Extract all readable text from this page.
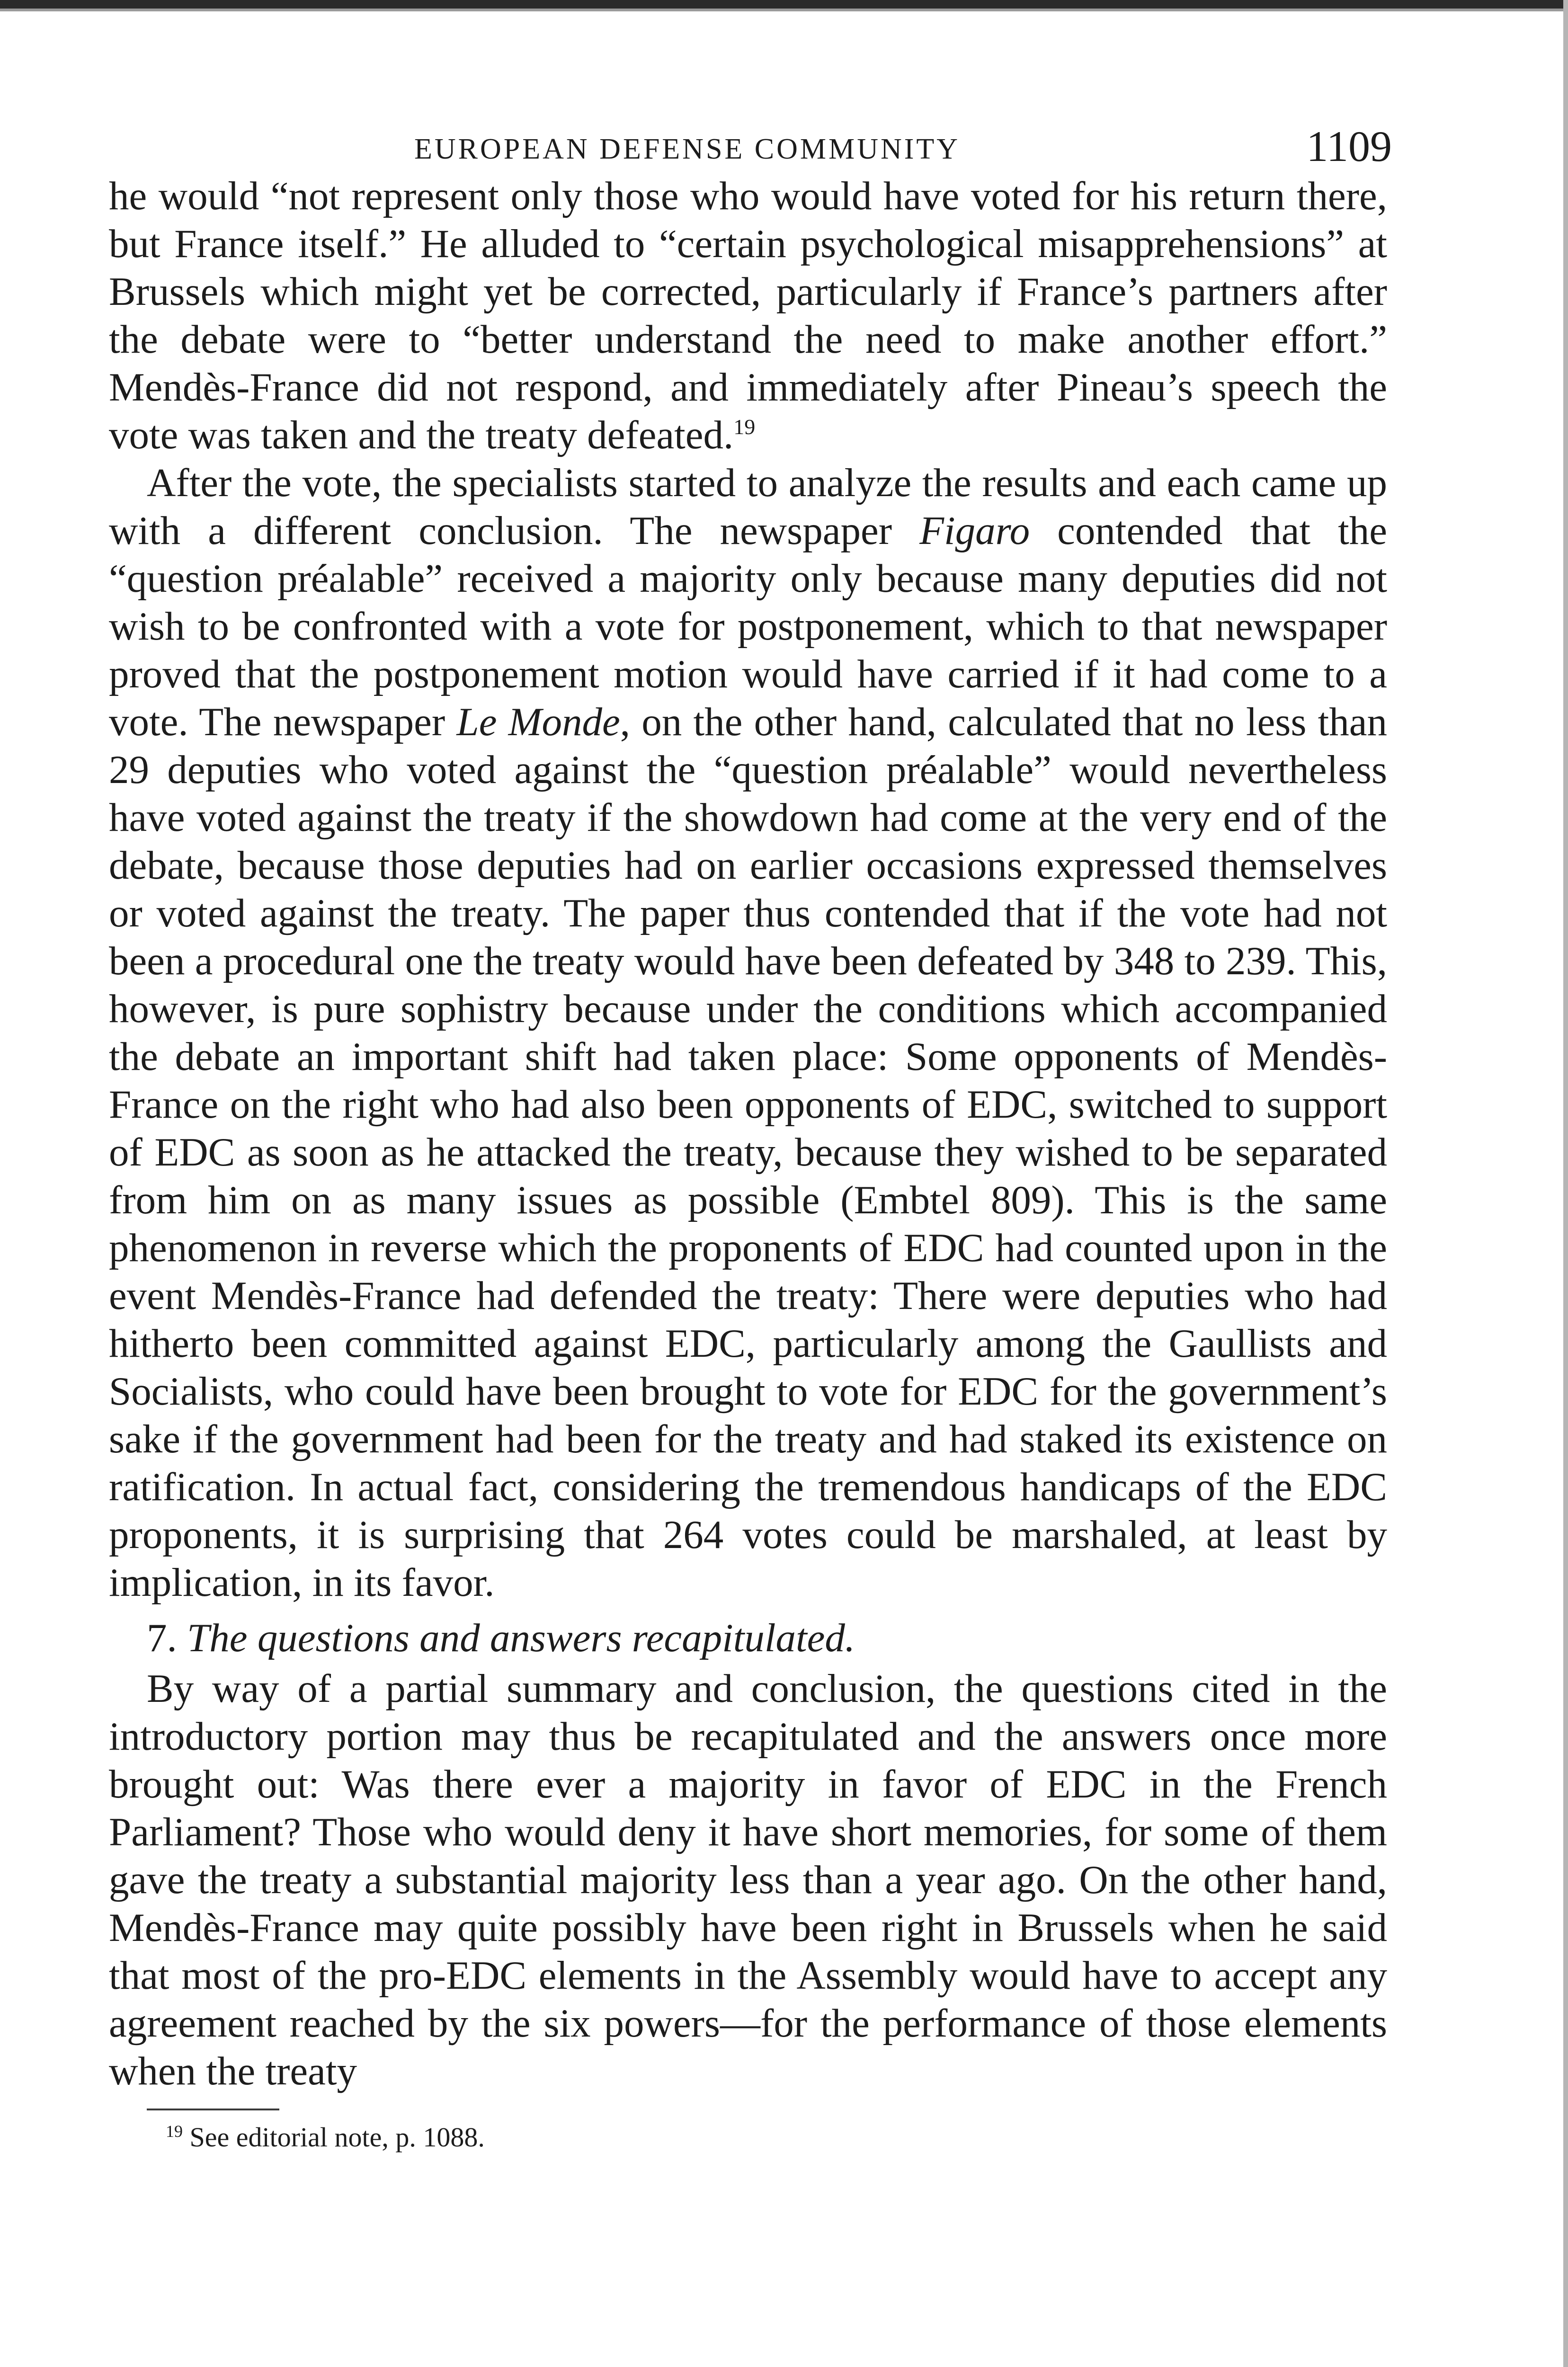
EUROPEAN DEFENSE COMMUNITY	1109

he would “not represent only those who would have voted for his return there, but France itself.” He alluded to “certain psychological misapprehensions” at Brussels which might yet be corrected, particularly if France’s partners after the debate were to “better understand the need to make another effort.” Mendès-France did not respond, and immediately after Pineau’s speech the vote was taken and the treaty defeated.$^{19}$

After the vote, the specialists started to analyze the results and each came up with a different conclusion. The newspaper Figaro contended that the “question préalable” received a majority only because many deputies did not wish to be confronted with a vote for postponement, which to that newspaper proved that the postponement motion would have carried if it had come to a vote. The newspaper Le Monde, on the other hand, calculated that no less than 29 deputies who voted against the “question préalable” would nevertheless have voted against the treaty if the showdown had come at the very end of the debate, because those deputies had on earlier occasions expressed themselves or voted against the treaty. The paper thus contended that if the vote had not been a procedural one the treaty would have been defeated by 348 to 239. This, however, is pure sophistry because under the conditions which accompanied the debate an important shift had taken place: Some opponents of Mendès-France on the right who had also been opponents of EDC, switched to support of EDC as soon as he attacked the treaty, because they wished to be separated from him on as many issues as possible (Embtel 809). This is the same phenomenon in reverse which the proponents of EDC had counted upon in the event Mendès-France had defended the treaty: There were deputies who had hitherto been committed against EDC, particularly among the Gaullists and Socialists, who could have been brought to vote for EDC for the government’s sake if the government had been for the treaty and had staked its existence on ratification. In actual fact, considering the tremendous handicaps of the EDC proponents, it is surprising that 264 votes could be marshaled, at least by implication, in its favor.

7. The questions and answers recapitulated.

By way of a partial summary and conclusion, the questions cited in the introductory portion may thus be recapitulated and the answers once more brought out: Was there ever a majority in favor of EDC in the French Parliament? Those who would deny it have short memories, for some of them gave the treaty a substantial majority less than a year ago. On the other hand, Mendès-France may quite possibly have been right in Brussels when he said that most of the pro-EDC elements in the Assembly would have to accept any agreement reached by the six powers—for the performance of those elements when the treaty

$^{19}$ See editorial note, p. 1088.
